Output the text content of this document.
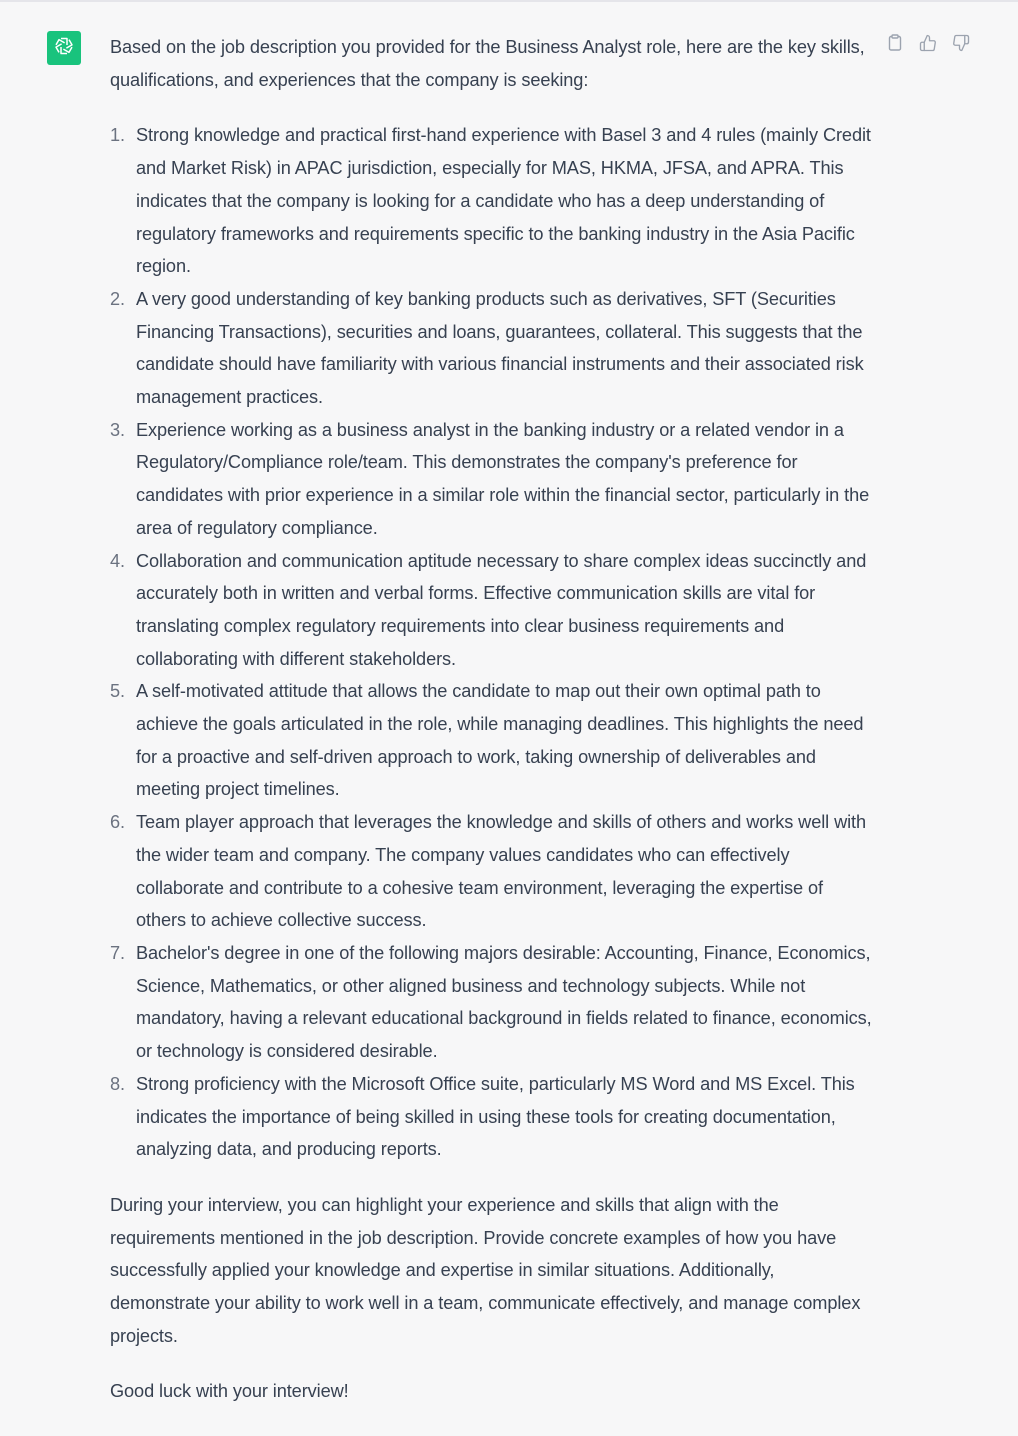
Based on the job description you provided for the Business Analyst role, here are the key skills, qualifications, and experiences that the company is seeking:

1. Strong knowledge and practical first-hand experience with Basel 3 and 4 rules (mainly Credit and Market Risk) in APAC jurisdiction, especially for MAS, HKMA, JFSA, and APRA. This indicates that the company is looking for a candidate who has a deep understanding of regulatory frameworks and requirements specific to the banking industry in the Asia Pacific region.
2. A very good understanding of key banking products such as derivatives, SFT (Securities Financing Transactions), securities and loans, guarantees, collateral. This suggests that the candidate should have familiarity with various financial instruments and their associated risk management practices.
3. Experience working as a business analyst in the banking industry or a related vendor in a Regulatory/Compliance role/team. This demonstrates the company's preference for candidates with prior experience in a similar role within the financial sector, particularly in the area of regulatory compliance.
4. Collaboration and communication aptitude necessary to share complex ideas succinctly and accurately both in written and verbal forms. Effective communication skills are vital for translating complex regulatory requirements into clear business requirements and collaborating with different stakeholders.
5. A self-motivated attitude that allows the candidate to map out their own optimal path to achieve the goals articulated in the role, while managing deadlines. This highlights the need for a proactive and self-driven approach to work, taking ownership of deliverables and meeting project timelines.
6. Team player approach that leverages the knowledge and skills of others and works well with the wider team and company. The company values candidates who can effectively collaborate and contribute to a cohesive team environment, leveraging the expertise of others to achieve collective success.
7. Bachelor's degree in one of the following majors desirable: Accounting, Finance, Economics, Science, Mathematics, or other aligned business and technology subjects. While not mandatory, having a relevant educational background in fields related to finance, economics, or technology is considered desirable.
8. Strong proficiency with the Microsoft Office suite, particularly MS Word and MS Excel. This indicates the importance of being skilled in using these tools for creating documentation, analyzing data, and producing reports.

During your interview, you can highlight your experience and skills that align with the requirements mentioned in the job description. Provide concrete examples of how you have successfully applied your knowledge and expertise in similar situations. Additionally, demonstrate your ability to work well in a team, communicate effectively, and manage complex projects.

Good luck with your interview!
